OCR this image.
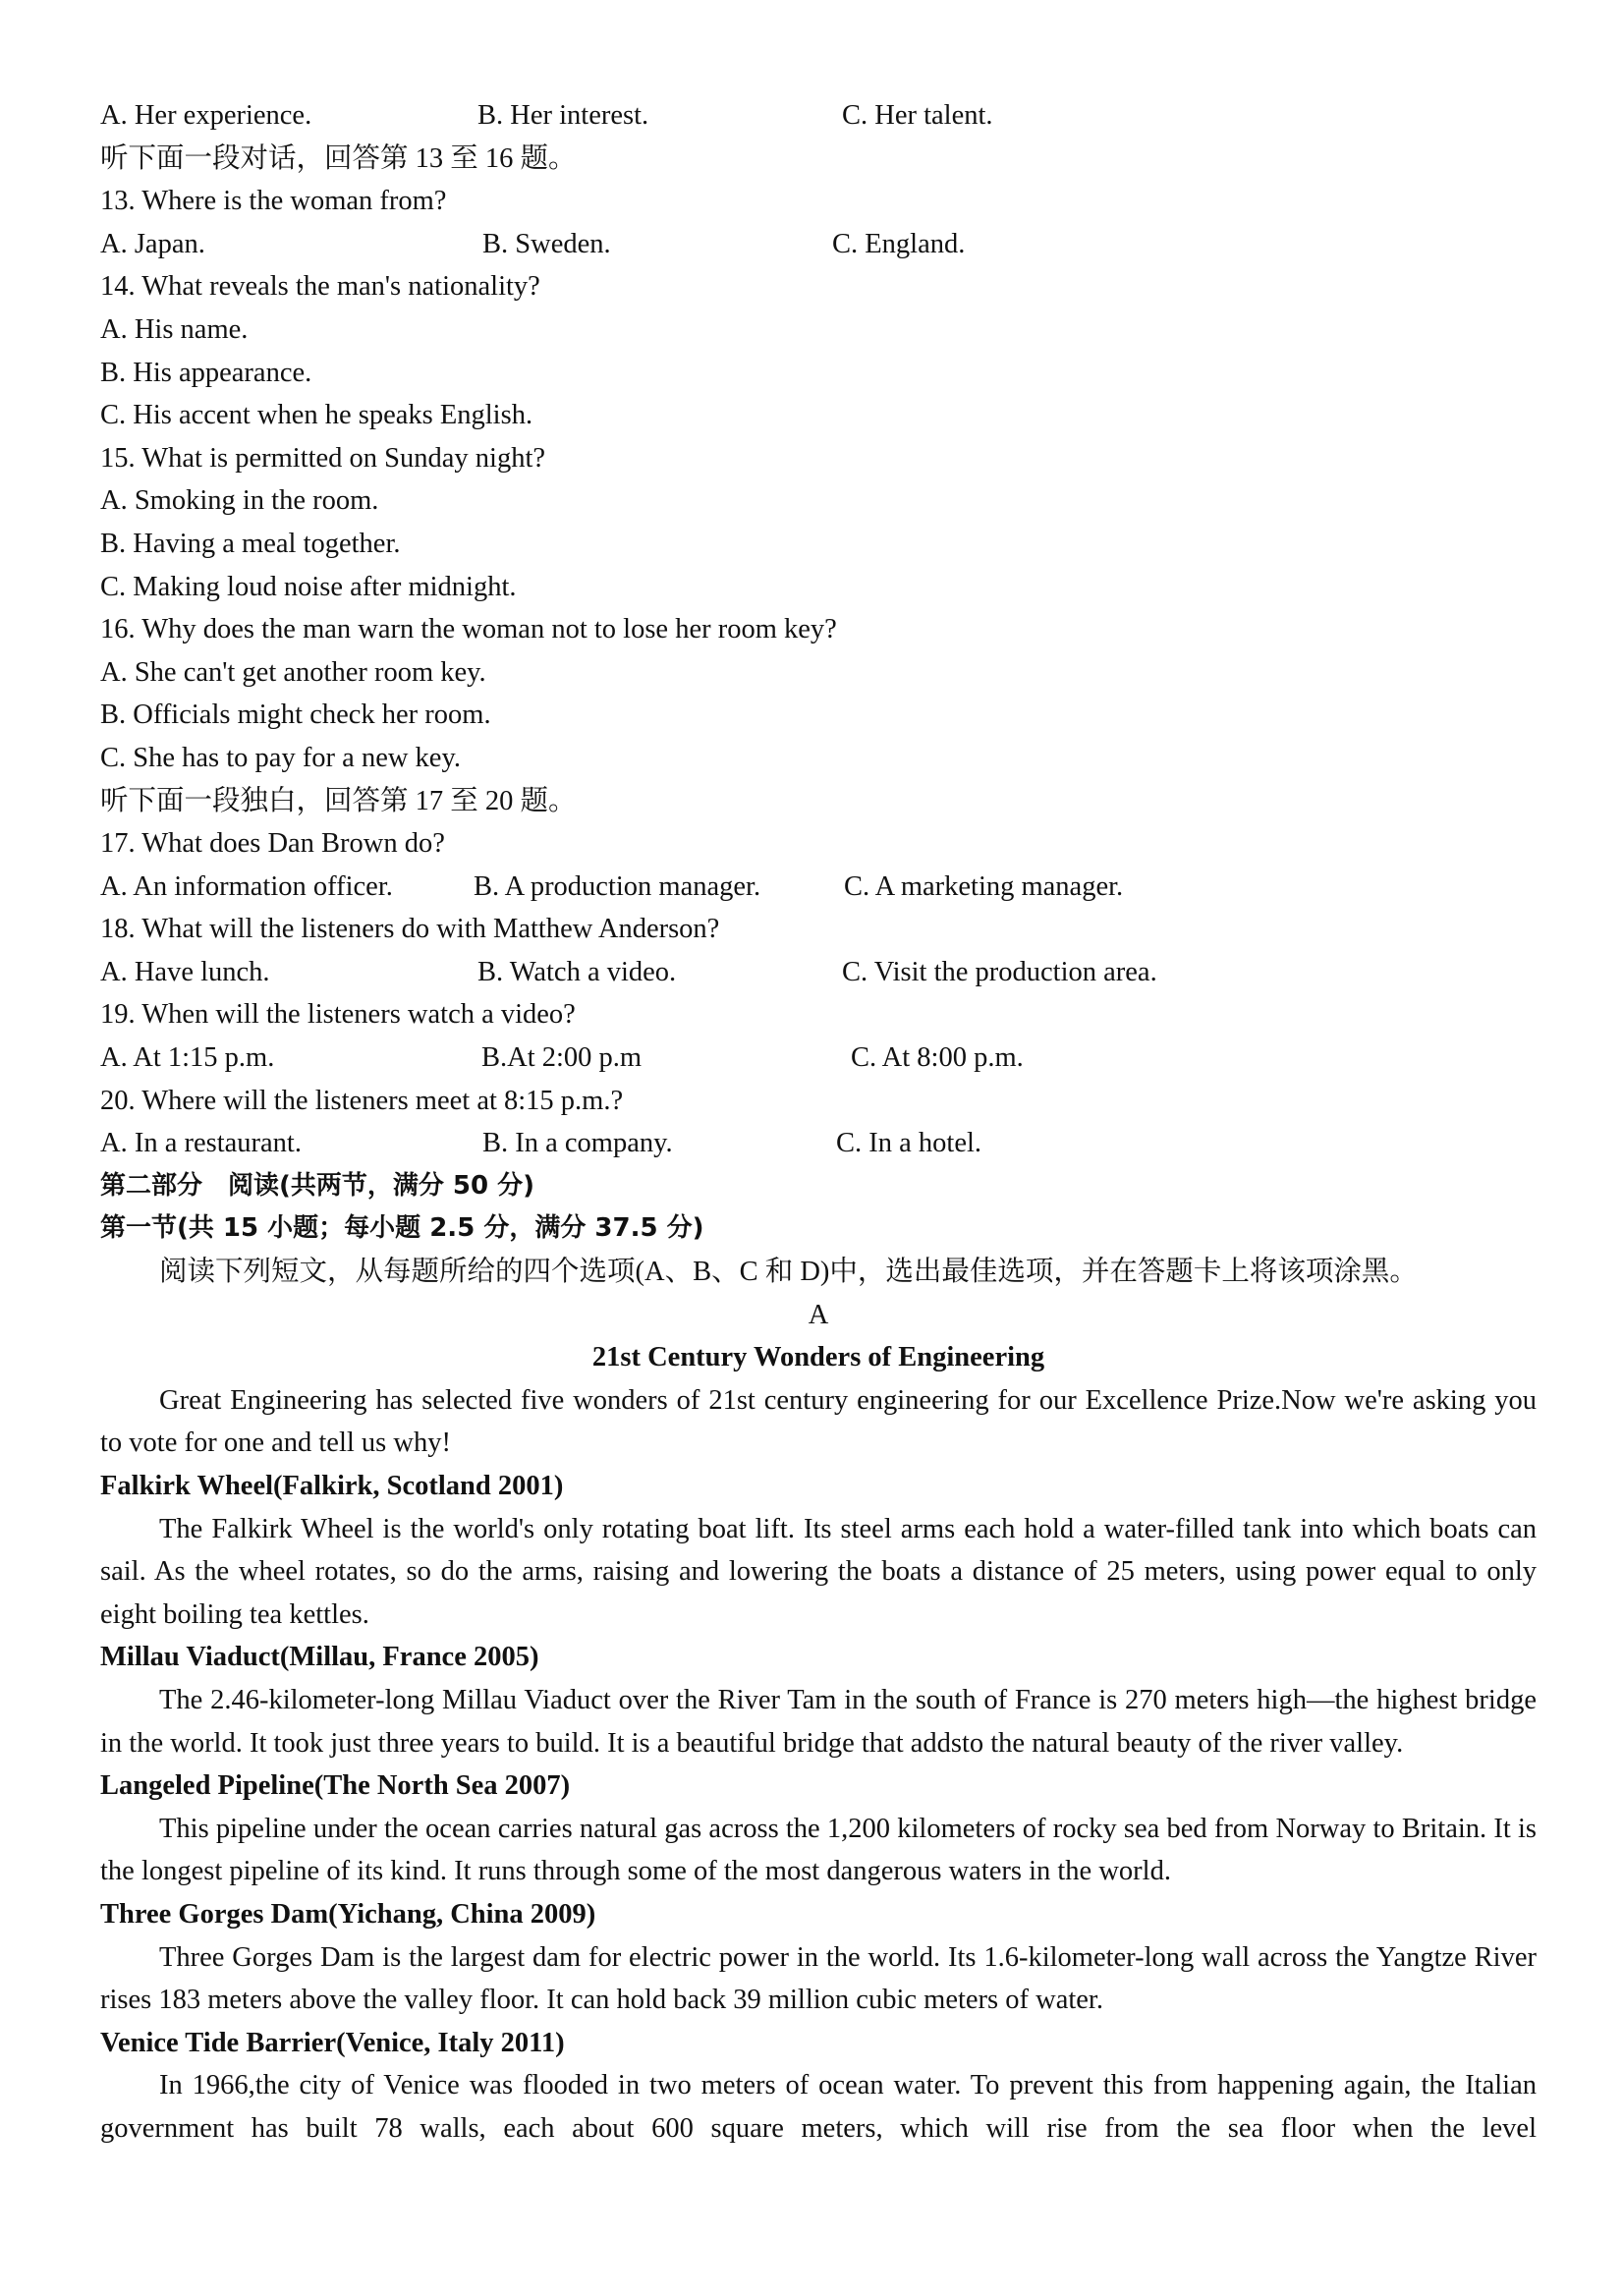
A. Her experience.	B. Her interest.	C. Her talent.
听下面一段对话，回答第 13 至 16 题。
13. Where is the woman from?
A. Japan.	B. Sweden.	C. England.
14. What reveals the man's nationality?
A. His name.
B. His appearance.
C. His accent when he speaks English.
15. What is permitted on Sunday night?
A. Smoking in the room.
B. Having a meal together.
C. Making loud noise after midnight.
16. Why does the man warn the woman not to lose her room key?
A. She can't get another room key.
B. Officials might check her room.
C. She has to pay for a new key.
听下面一段独白，回答第 17 至 20 题。
17. What does Dan Brown do?
A. An information officer.	B. A production manager.	C. A marketing manager.
18. What will the listeners do with Matthew Anderson?
A. Have lunch.	B. Watch a video.	C. Visit the production area.
19. When will the listeners watch a video?
A. At 1:15 p.m.	B.At 2:00 p.m	C. At 8:00 p.m.
20. Where will the listeners meet at 8:15 p.m.?
A. In a restaurant.	B. In a company.	C. In a hotel.
第二部分　阅读(共两节，满分 50 分)
第一节(共 15 小题；每小题 2.5 分，满分 37.5 分)
阅读下列短文，从每题所给的四个选项(A、B、C 和 D)中，选出最佳选项，并在答题卡上将该项涂黑。
A
21st Century Wonders of Engineering

Great Engineering has selected five wonders of 21st century engineering for our Excellence Prize.Now we're asking you to vote for one and tell us why!

Falkirk Wheel(Falkirk, Scotland 2001)

The Falkirk Wheel is the world's only rotating boat lift. Its steel arms each hold a water-filled tank into which boats can sail. As the wheel rotates, so do the arms, raising and lowering the boats a distance of 25 meters, using power equal to only eight boiling tea kettles.

Millau Viaduct(Millau, France 2005)

The 2.46-kilometer-long Millau Viaduct over the River Tam in the south of France is 270 meters high—the highest bridge in the world. It took just three years to build. It is a beautiful bridge that addsto the natural beauty of the river valley.

Langeled Pipeline(The North Sea 2007)

This pipeline under the ocean carries natural gas across the 1,200 kilometers of rocky sea bed from Norway to Britain. It is the longest pipeline of its kind. It runs through some of the most dangerous waters in the world.

Three Gorges Dam(Yichang, China 2009)

Three Gorges Dam is the largest dam for electric power in the world. Its 1.6-kilometer-long wall across the Yangtze River rises 183 meters above the valley floor. It can hold back 39 million cubic meters of water.

Venice Tide Barrier(Venice, Italy 2011)

In 1966,the city of Venice was flooded in two meters of ocean water. To prevent this from happening again, the Italian government has built 78 walls, each about 600 square meters, which will rise from the sea floor when the level
